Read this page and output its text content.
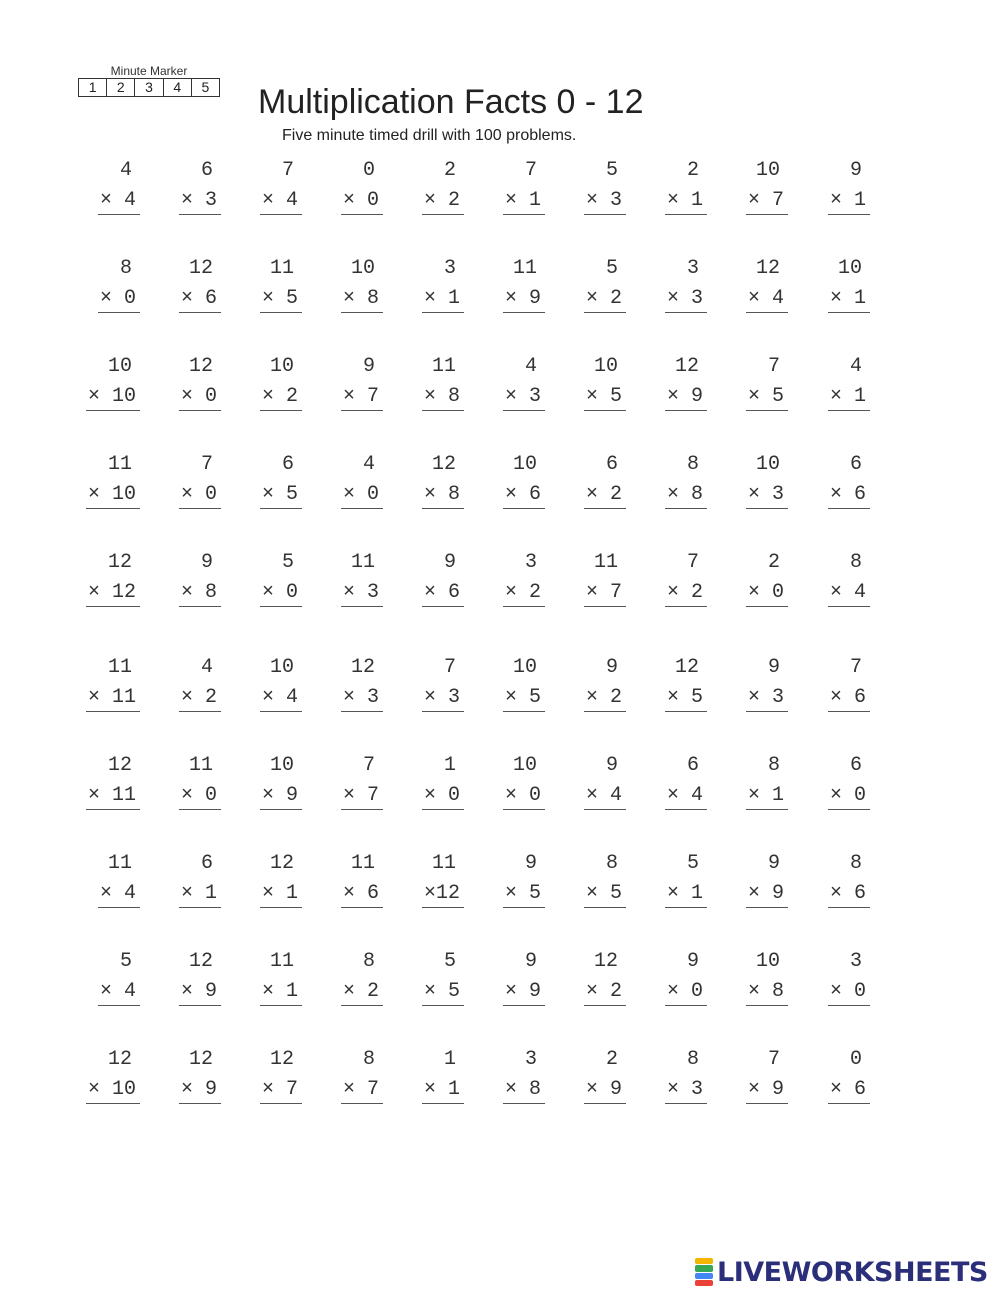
Minute Marker
1	2	3	4	5 Multiplication Facts 0 - 12
Five minute timed drill with 100 problems.
4
× 4
6
× 3
7
× 4
0
× 0
2
× 2
7
× 1
5
× 3
2
× 1
10
× 7
9
× 1
8
× 0
12
× 6
11
× 5
10
× 8
3
× 1
11
× 9
5
× 2
3
× 3
12
× 4
10
× 1
10
× 10
12
× 0
10
× 2
9
× 7
11
× 8
4
× 3
10
× 5
12
× 9
7
× 5
4
× 1
11
× 10
7
× 0
6
× 5
4
× 0
12
× 8
10
× 6
6
× 2
8
× 8
10
× 3
6
× 6
12
× 12
9
× 8
5
× 0
11
× 3
9
× 6
3
× 2
11
× 7
7
× 2
2
× 0
8
× 4
11
× 11
4
× 2
10
× 4
12
× 3
7
× 3
10
× 5
9
× 2
12
× 5
9
× 3
7
× 6
12
× 11
11
× 0
10
× 9
7
× 7
1
× 0
10
× 0
9
× 4
6
× 4
8
× 1
6
× 0
11
× 4
6
× 1
12
× 1
11
× 6
11
×12
9
× 5
8
× 5
5
× 1
9
× 9
8
× 6
5
× 4
12
× 9
11
× 1
8
× 2
5
× 5
9
× 9
12
× 2
9
× 0
10
× 8
3
× 0
12
× 10
12
× 9
12
× 7
8
× 7
1
× 1
3
× 8
2
× 9
8
× 3
7
× 9
0
× 6
LIVEWORKSHEETS
